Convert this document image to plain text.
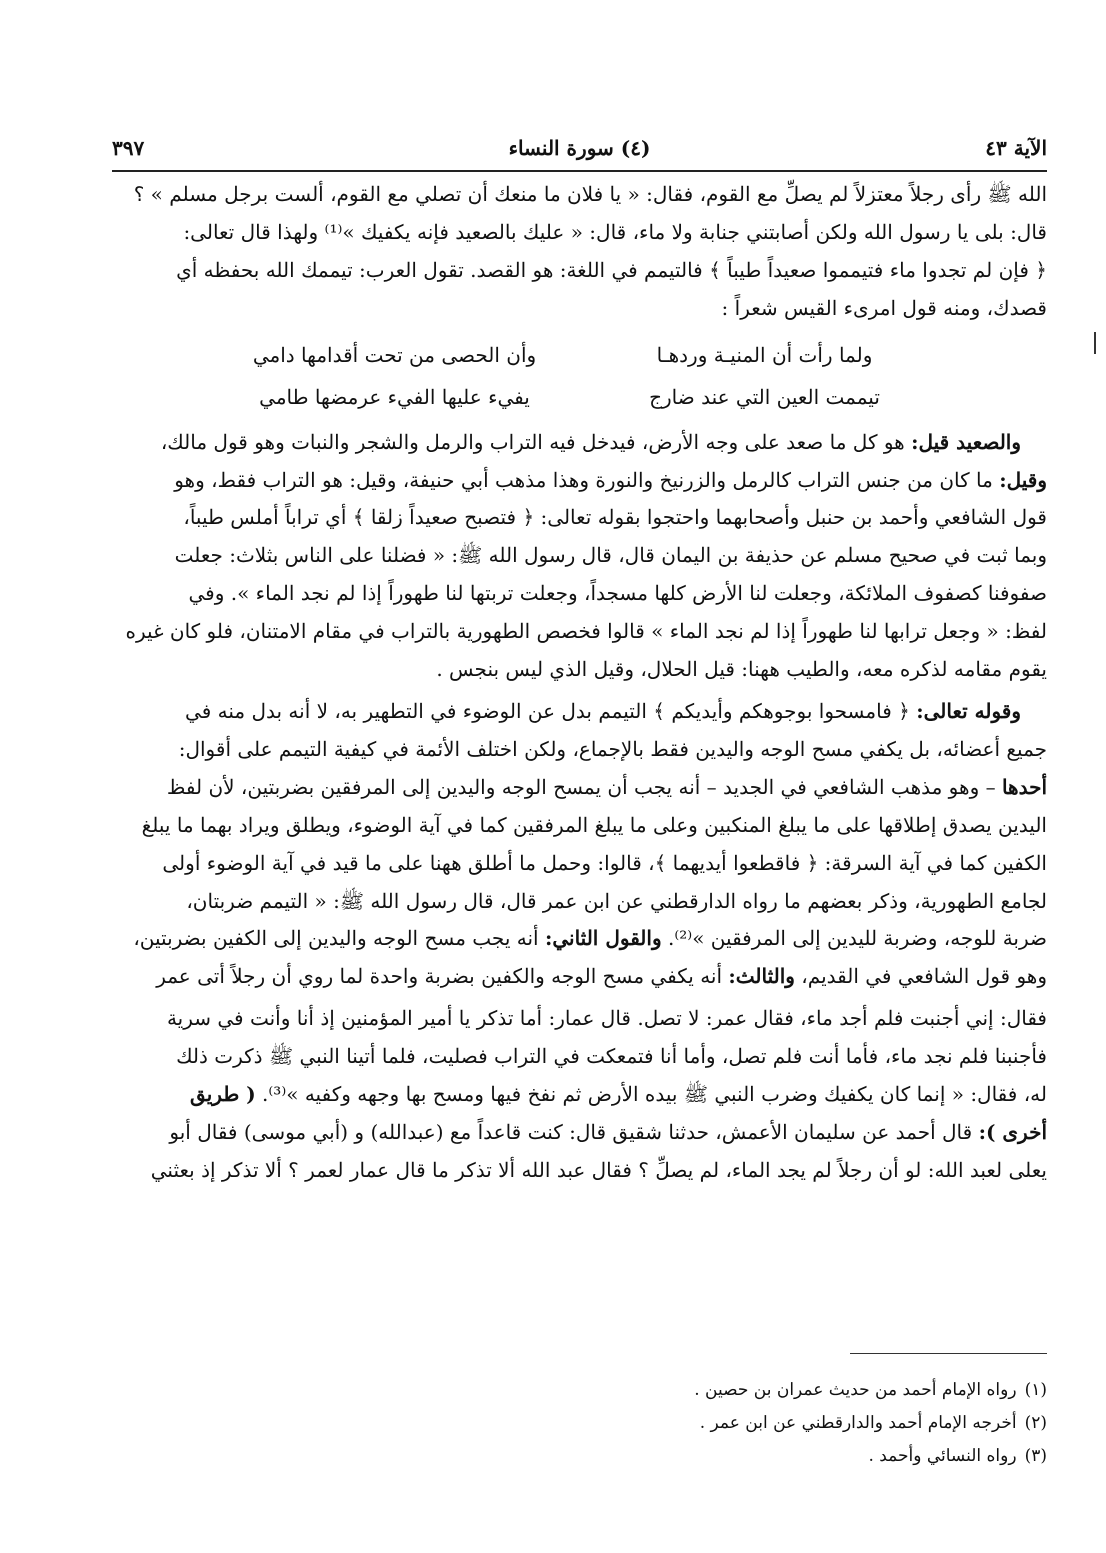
الآية ٤٣
(٤) سورة النساء
٣٩٧

الله ﷺ رأى رجلاً معتزلاً لم يصلِّ مع القوم، فقال: « يا فلان ما منعك أن تصلي مع القوم، ألست برجل مسلم » ؟

قال: بلى يا رسول الله ولكن أصابتني جنابة ولا ماء، قال: « عليك بالصعيد فإنه يكفيك »⁽¹⁾ ولهذا قال تعالى:

﴿ فإن لم تجدوا ماء فتيمموا صعيداً طيباً ﴾ فالتيمم في اللغة: هو القصد. تقول العرب: تيممك الله بحفظه أي

قصدك، ومنه قول امرىء القيس شعراً :

ولما رأت أن المنيـة وردهـا
وأن الحصى من تحت أقدامها دامي
تيممت العين التي عند ضارج
يفيء عليها الفيء عرمضها طامي

والصعيد قيل: هو كل ما صعد على وجه الأرض، فيدخل فيه التراب والرمل والشجر والنبات وهو قول مالك،

وقيل: ما كان من جنس التراب كالرمل والزرنيخ والنورة وهذا مذهب أبي حنيفة، وقيل: هو التراب فقط، وهو

قول الشافعي وأحمد بن حنبل وأصحابهما واحتجوا بقوله تعالى: ﴿ فتصبح صعيداً زلقا ﴾ أي تراباً أملس طيباً،

وبما ثبت في صحيح مسلم عن حذيفة بن اليمان قال، قال رسول الله ﷺ: « فضلنا على الناس بثلاث: جعلت

صفوفنا كصفوف الملائكة، وجعلت لنا الأرض كلها مسجداً، وجعلت تربتها لنا طهوراً إذا لم نجد الماء ». وفي

لفظ: « وجعل ترابها لنا طهوراً إذا لم نجد الماء » قالوا فخصص الطهورية بالتراب في مقام الامتنان، فلو كان غيره

يقوم مقامه لذكره معه، والطيب ههنا: قيل الحلال، وقيل الذي ليس بنجس .

وقوله تعالى: ﴿ فامسحوا بوجوهكم وأيديكم ﴾ التيمم بدل عن الوضوء في التطهير به، لا أنه بدل منه في

جميع أعضائه، بل يكفي مسح الوجه واليدين فقط بالإجماع، ولكن اختلف الأئمة في كيفية التيمم على أقوال:

أحدها – وهو مذهب الشافعي في الجديد – أنه يجب أن يمسح الوجه واليدين إلى المرفقين بضربتين، لأن لفظ

اليدين يصدق إطلاقها على ما يبلغ المنكبين وعلى ما يبلغ المرفقين كما في آية الوضوء، ويطلق ويراد بهما ما يبلغ

الكفين كما في آية السرقة: ﴿ فاقطعوا أيديهما ﴾، قالوا: وحمل ما أطلق ههنا على ما قيد في آية الوضوء أولى

لجامع الطهورية، وذكر بعضهم ما رواه الدارقطني عن ابن عمر قال، قال رسول الله ﷺ: « التيمم ضربتان،

ضربة للوجه، وضربة لليدين إلى المرفقين »⁽²⁾. والقول الثاني: أنه يجب مسح الوجه واليدين إلى الكفين بضربتين،

وهو قول الشافعي في القديم، والثالث: أنه يكفي مسح الوجه والكفين بضربة واحدة لما روي أن رجلاً أتى عمر

فقال: إني أجنبت فلم أجد ماء، فقال عمر: لا تصل. قال عمار: أما تذكر يا أمير المؤمنين إذ أنا وأنت في سرية

فأجنبنا فلم نجد ماء، فأما أنت فلم تصل، وأما أنا فتمعكت في التراب فصليت، فلما أتينا النبي ﷺ ذكرت ذلك

له، فقال: « إنما كان يكفيك وضرب النبي ﷺ بيده الأرض ثم نفخ فيها ومسح بها وجهه وكفيه »⁽³⁾. ( طريق

أخرى ): قال أحمد عن سليمان الأعمش، حدثنا شقيق قال: كنت قاعداً مع (عبدالله) و (أبي موسى) فقال أبو

يعلى لعبد الله: لو أن رجلاً لم يجد الماء، لم يصلِّ ؟ فقال عبد الله ألا تذكر ما قال عمار لعمر ؟ ألا تذكر إذ بعثني

(١)رواه الإمام أحمد من حديث عمران بن حصين .
(٢)أخرجه الإمام أحمد والدارقطني عن ابن عمر .
(٣)رواه النسائي وأحمد .
